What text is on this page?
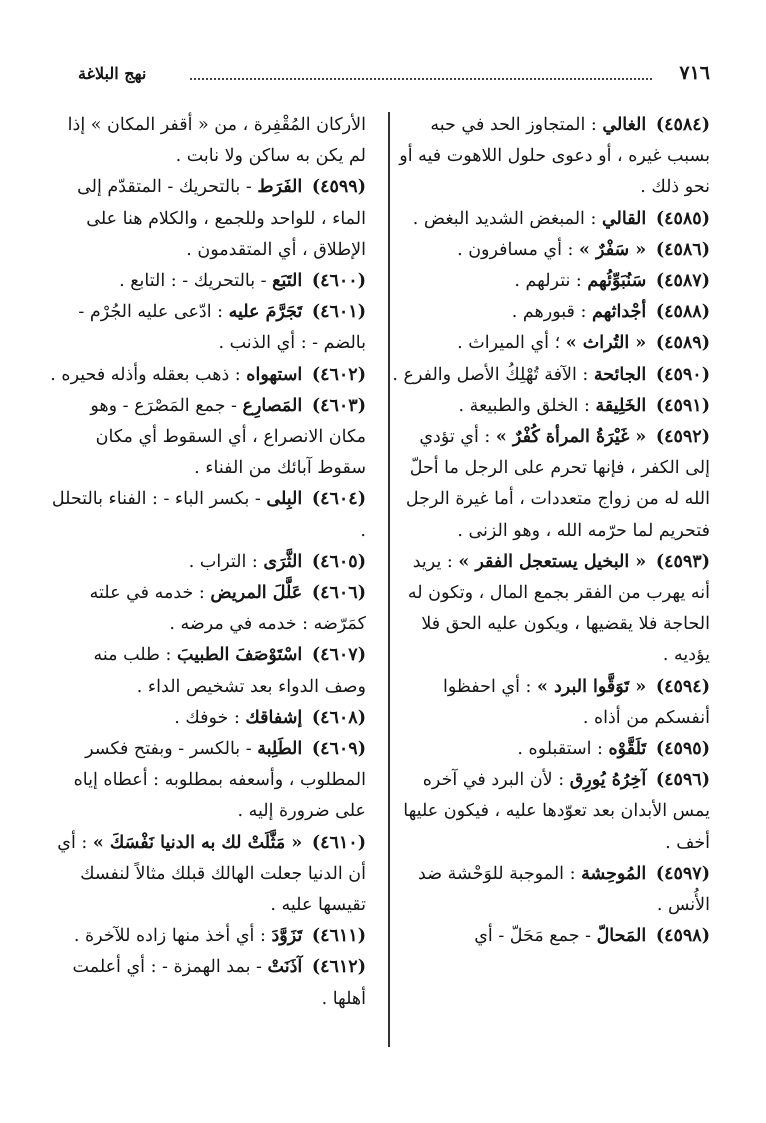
٧١٦
نهج البلاغة

(٤٥٨٤) الغالي : المتجاوز الحد في حبه بسبب غيره ، أو دعوى حلول اللاهوت فيه أو نحو ذلك .

(٤٥٨٥) القالي : المبغض الشديد البغض .

(٤٥٨٦) « سَفْرٌ » : أي مسافرون .

(٤٥٨٧) سَنُبَوِّئُهم : نترلهم .

(٤٥٨٨) أجْداثهم : قبورهم .

(٤٥٨٩) « التُراث » ؛ أي الميراث .

(٤٥٩٠) الجائحة : الآفة تُهْلِكُ الأصل والفرع .

(٤٥٩١) الخَلِيقة : الخلق والطبيعة .

(٤٥٩٢) « غَيْرَةُ المرأة كُفْرٌ » : أي تؤدي إلى الكفر ، فإنها تحرم على الرجل ما أحلّ الله له من زواج متعددات ، أما غيرة الرجل فتحريم لما حرّمه الله ، وهو الزنى .

(٤٥٩٣) « البخيل يستعجل الفقر » : يريد أنه يهرب من الفقر بجمع المال ، وتكون له الحاجة فلا يقضيها ، ويكون عليه الحق فلا يؤديه .

(٤٥٩٤) « تَوَقَّوا البرد » : أي احفظوا أنفسكم من أذاه .

(٤٥٩٥) تَلَقَّوْه : استقبلوه .

(٤٥٩٦) آخِرُهُ يُورِق : لأن البرد في آخره يمس الأبدان بعد تعوّدها عليه ، فيكون عليها أخف .

(٤٥٩٧) المُوحِشة : الموجبة للوَحْشة ضد الأُنس .

(٤٥٩٨) المَحالّ - جمع مَحَلّ - أي

الأركان المُقْفِرة ، من « أقفر المكان » إذا لم يكن به ساكن ولا نابت .

(٤٥٩٩) الفَرَط - بالتحريك - المتقدّم إلى الماء ، للواحد وللجمع ، والكلام هنا على الإطلاق ، أي المتقدمون .

(٤٦٠٠) التَبَع - بالتحريك - : التابع .

(٤٦٠١) تَجَرَّمَ عليه : ادّعى عليه الجُرْم - بالضم - : أي الذنب .

(٤٦٠٢) استهواه : ذهب بعقله وأذله فحيره .

(٤٦٠٣) المَصارِع - جمع المَصْرَع - وهو مكان الانصراع ، أي السقوط أي مكان سقوط آبائك من الفناء .

(٤٦٠٤) البِلى - بكسر الباء - : الفناء بالتحلل .

(٤٦٠٥) الثَّرَى : التراب .

(٤٦٠٦) عَلَّلَ المريض : خدمه في علته كمَرّضه : خدمه في مرضه .

(٤٦٠٧) اسْتَوْصَفَ الطبيبَ : طلب منه وصف الدواء بعد تشخيص الداء .

(٤٦٠٨) إشفاقك : خوفك .

(٤٦٠٩) الطَلِبة - بالكسر - وبفتح فكسر المطلوب ، وأسعفه بمطلوبه : أعطاه إياه على ضرورة إليه .

(٤٦١٠) « مَثَّلَتْ لك به الدنيا نَفْسَكَ » : أي أن الدنيا جعلت الهالك قبلك مثالاً لنفسك تقيسها عليه .

(٤٦١١) تَزَوَّدَ : أي أخذ منها زاده للآخرة .

(٤٦١٢) آذَنَتْ - بمد الهمزة - : أي أعلمت أهلها .
